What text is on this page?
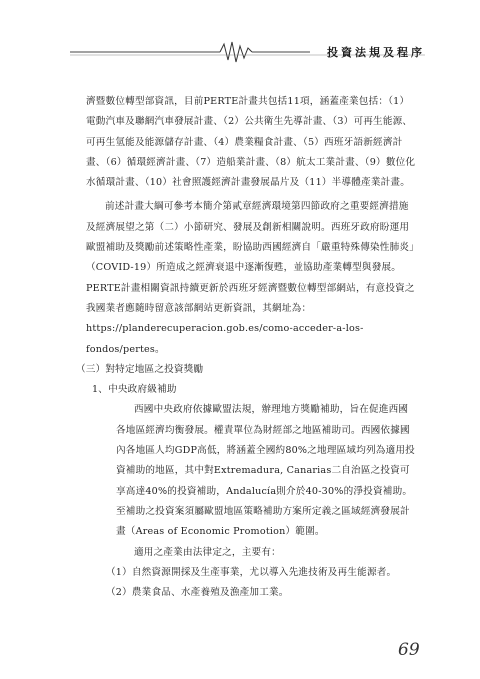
投資法規及程序

濟暨數位轉型部資訊，目前PERTE計畫共包括11項，涵蓋產業包括：（1）電動汽車及聯網汽車發展計畫、（2）公共衛生先導計畫、（3）可再生能源、可再生氫能及能源儲存計畫、（4）農業糧食計畫、（5）西班牙語新經濟計畫、（6）循環經濟計畫、（7）造船業計畫、（8）航太工業計畫、（9）數位化水循環計畫、（10）社會照護經濟計畫發展晶片及（11）半導體產業計畫。

前述計畫大綱可參考本簡介第貳章經濟環境第四節政府之重要經濟措施及經濟展望之第（二）小節研究、發展及創新相關說明。西班牙政府盼運用歐盟補助及獎勵前述策略性產業，盼協助西國經濟自「嚴重特殊傳染性肺炎」（COVID-19）所造成之經濟衰退中逐漸復甦，並協助產業轉型與發展。PERTE計畫相關資訊持續更新於西班牙經濟暨數位轉型部網站，有意投資之我國業者應隨時留意該部網站更新資訊，其網址為：https://planderecuperacion.gob.es/como-acceder-a-los-fondos/pertes。

（三）對特定地區之投資獎勵

1、中央政府級補助

西國中央政府依據歐盟法規，辦理地方獎勵補助，旨在促進西國各地區經濟均衡發展。權責單位為財經部之地區補助司。西國依據國內各地區人均GDP高低，將涵蓋全國約80%之地理區域均列為適用投資補助的地區，其中對Extremadura, Canarias二自治區之投資可享高達40%的投資補助，Andalucía則介於40-30%的淨投資補助。至補助之投資案須屬歐盟地區策略補助方案所定義之區域經濟發展計畫（Areas of Economic Promotion）範圍。

適用之產業由法律定之，主要有：

（1）自然資源開採及生產事業，尤以導入先進技術及再生能源者。

（2）農業食品、水產養殖及漁產加工業。

69
